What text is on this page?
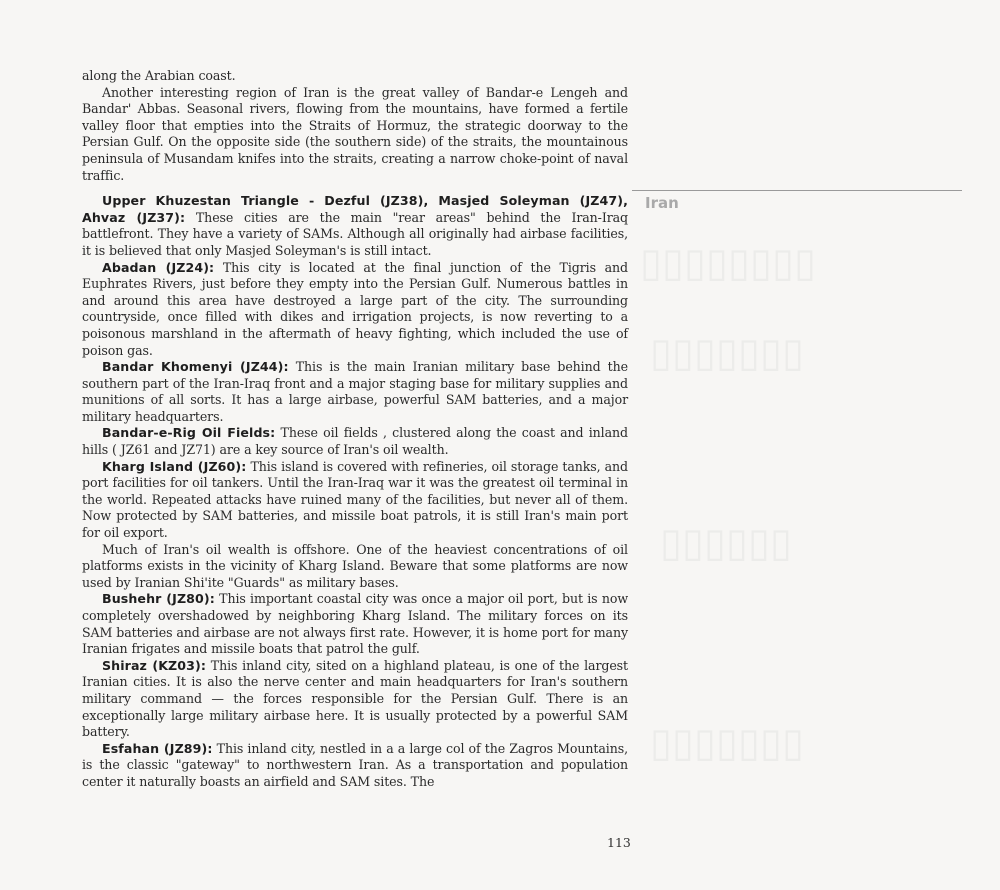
▯▯▯▯▯▯▯▯
▯▯▯▯▯▯▯
▯▯▯▯▯▯
▯▯▯▯▯▯▯

along the Arabian coast.

Another interesting region of Iran is the great valley of Bandar-e Lengeh and Bandar' Abbas. Seasonal rivers, flowing from the mountains, have formed a fertile valley floor that empties into the Straits of Hormuz, the strategic doorway to the Persian Gulf. On the opposite side (the southern side) of the straits, the mountainous peninsula of Musandam knifes into the straits, creating a narrow choke-point of naval traffic.

Upper Khuzestan Triangle - Dezful (JZ38), Masjed Soleyman (JZ47), Ahvaz (JZ37): These cities are the main "rear areas" behind the Iran-Iraq battlefront. They have a variety of SAMs. Although all originally had airbase facilities, it is believed that only Masjed Soleyman's is still intact.

Abadan (JZ24): This city is located at the final junction of the Tigris and Euphrates Rivers, just before they empty into the Persian Gulf. Numerous battles in and around this area have destroyed a large part of the city. The surrounding countryside, once filled with dikes and irrigation projects, is now reverting to a poisonous marshland in the aftermath of heavy fighting, which included the use of poison gas.

Bandar Khomenyi (JZ44): This is the main Iranian military base behind the southern part of the Iran-Iraq front and a major staging base for military supplies and munitions of all sorts. It has a large airbase, powerful SAM batteries, and a major military headquarters.

Bandar-e-Rig Oil Fields: These oil fields , clustered along the coast and inland hills ( JZ61 and JZ71) are a key source of Iran's oil wealth.

Kharg Island (JZ60): This island is covered with refineries, oil storage tanks, and port facilities for oil tankers. Until the Iran-Iraq war it was the greatest oil terminal in the world. Repeated attacks have ruined many of the facilities, but never all of them. Now protected by SAM batteries, and missile boat patrols, it is still Iran's main port for oil export.

Much of Iran's oil wealth is offshore. One of the heaviest concentrations of oil platforms exists in the vicinity of Kharg Island. Beware that some platforms are now used by Iranian Shi'ite "Guards" as military bases.

Bushehr (JZ80): This important coastal city was once a major oil port, but is now completely overshadowed by neighboring Kharg Island. The military forces on its SAM batteries and airbase are not always first rate. However, it is home port for many Iranian frigates and missile boats that patrol the gulf.

Shiraz (KZ03): This inland city, sited on a highland plateau, is one of the largest Iranian cities. It is also the nerve center and main headquarters for Iran's southern military command — the forces responsible for the Persian Gulf. There is an exceptionally large military airbase here. It is usually protected by a powerful SAM battery.

Esfahan (JZ89): This inland city, nestled in a a large col of the Zagros Mountains, is the classic "gateway" to northwestern Iran. As a transportation and population center it naturally boasts an airfield and SAM sites. The

Iran
113
